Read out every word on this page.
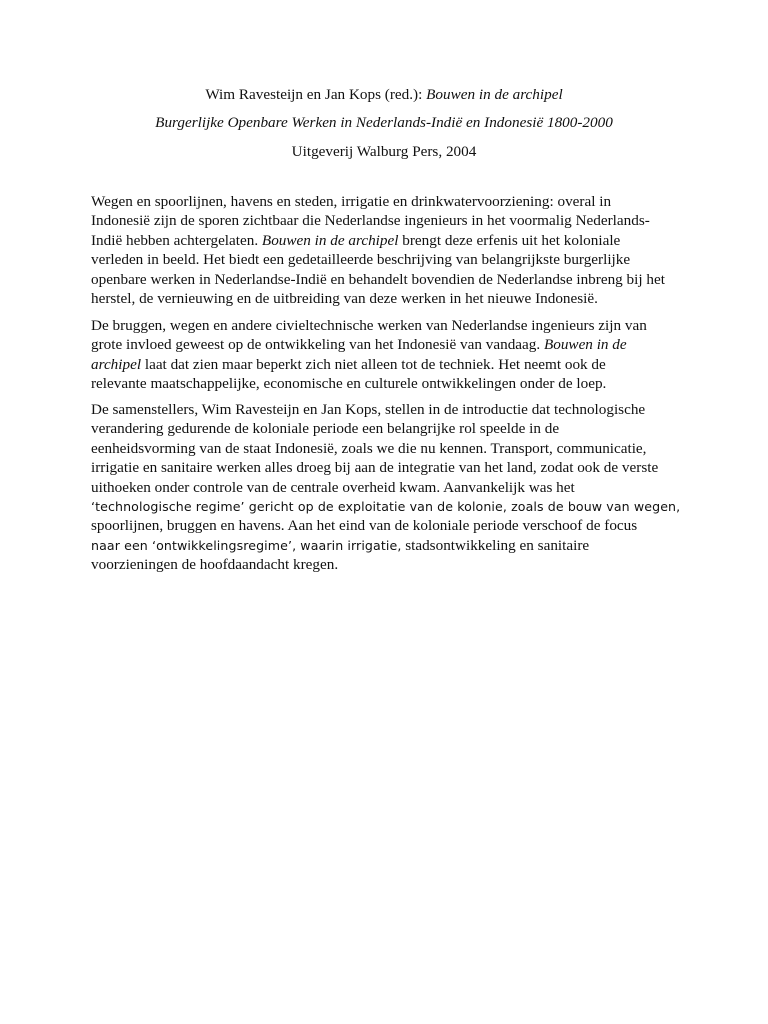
Wim Ravesteijn en Jan Kops (red.): Bouwen in de archipel
Burgerlijke Openbare Werken in Nederlands-Indië en Indonesië 1800-2000
Uitgeverij Walburg Pers, 2004
Wegen en spoorlijnen, havens en steden, irrigatie en drinkwatervoorziening: overal in
Indonesië zijn de sporen zichtbaar die Nederlandse ingenieurs in het voormalig Nederlands-
Indië hebben achtergelaten. Bouwen in de archipel brengt deze erfenis uit het koloniale
verleden in beeld. Het biedt een gedetailleerde beschrijving van belangrijkste burgerlijke
openbare werken in Nederlandse-Indië en behandelt bovendien de Nederlandse inbreng bij het
herstel, de vernieuwing en de uitbreiding van deze werken in het nieuwe Indonesië.
De bruggen, wegen en andere civieltechnische werken van Nederlandse ingenieurs zijn van
grote invloed geweest op de ontwikkeling van het Indonesië van vandaag. Bouwen in de
archipel laat dat zien maar beperkt zich niet alleen tot de techniek. Het neemt ook de
relevante maatschappelijke, economische en culturele ontwikkelingen onder de loep.
De samenstellers, Wim Ravesteijn en Jan Kops, stellen in de introductie dat technologische
verandering gedurende de koloniale periode een belangrijke rol speelde in de
eenheidsvorming van de staat Indonesië, zoals we die nu kennen. Transport, communicatie,
irrigatie en sanitaire werken alles droeg bij aan de integratie van het land, zodat ook de verste
uithoeken onder controle van de centrale overheid kwam. Aanvankelijk was het
‘technologische regime’ gericht op de exploitatie van de kolonie, zoals de bouw van wegen,
spoorlijnen, bruggen en havens. Aan het eind van de koloniale periode verschoof de focus
naar een ‘ontwikkelingsregime’, waarin irrigatie, stadsontwikkeling en sanitaire
voorzieningen de hoofdaandacht kregen.
